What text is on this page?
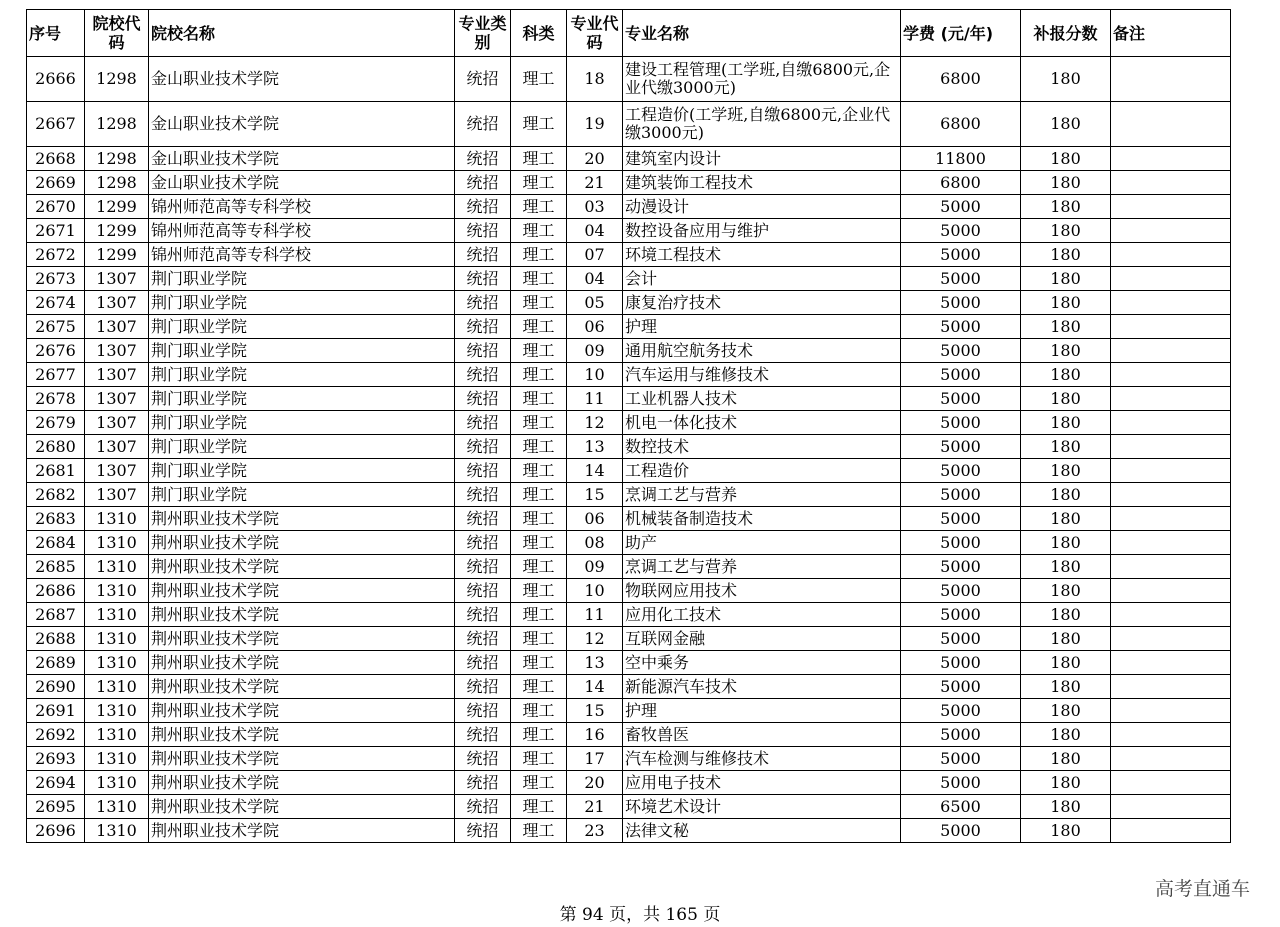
序号	院校代码	院校名称	专业类别	科类	专业代码	专业名称	学费 (元/年)	补报分数	备注
2666	1298	金山职业技术学院	统招	理工	18	建设工程管理(工学班,自缴6800元,企业代缴3000元)	6800	180	
2667	1298	金山职业技术学院	统招	理工	19	工程造价(工学班,自缴6800元,企业代缴3000元)	6800	180	
2668	1298	金山职业技术学院	统招	理工	20	建筑室内设计	11800	180	
2669	1298	金山职业技术学院	统招	理工	21	建筑装饰工程技术	6800	180	
2670	1299	锦州师范高等专科学校	统招	理工	03	动漫设计	5000	180	
2671	1299	锦州师范高等专科学校	统招	理工	04	数控设备应用与维护	5000	180	
2672	1299	锦州师范高等专科学校	统招	理工	07	环境工程技术	5000	180	
2673	1307	荆门职业学院	统招	理工	04	会计	5000	180	
2674	1307	荆门职业学院	统招	理工	05	康复治疗技术	5000	180	
2675	1307	荆门职业学院	统招	理工	06	护理	5000	180	
2676	1307	荆门职业学院	统招	理工	09	通用航空航务技术	5000	180	
2677	1307	荆门职业学院	统招	理工	10	汽车运用与维修技术	5000	180	
2678	1307	荆门职业学院	统招	理工	11	工业机器人技术	5000	180	
2679	1307	荆门职业学院	统招	理工	12	机电一体化技术	5000	180	
2680	1307	荆门职业学院	统招	理工	13	数控技术	5000	180	
2681	1307	荆门职业学院	统招	理工	14	工程造价	5000	180	
2682	1307	荆门职业学院	统招	理工	15	烹调工艺与营养	5000	180	
2683	1310	荆州职业技术学院	统招	理工	06	机械装备制造技术	5000	180	
2684	1310	荆州职业技术学院	统招	理工	08	助产	5000	180	
2685	1310	荆州职业技术学院	统招	理工	09	烹调工艺与营养	5000	180	
2686	1310	荆州职业技术学院	统招	理工	10	物联网应用技术	5000	180	
2687	1310	荆州职业技术学院	统招	理工	11	应用化工技术	5000	180	
2688	1310	荆州职业技术学院	统招	理工	12	互联网金融	5000	180	
2689	1310	荆州职业技术学院	统招	理工	13	空中乘务	5000	180	
2690	1310	荆州职业技术学院	统招	理工	14	新能源汽车技术	5000	180	
2691	1310	荆州职业技术学院	统招	理工	15	护理	5000	180	
2692	1310	荆州职业技术学院	统招	理工	16	畜牧兽医	5000	180	
2693	1310	荆州职业技术学院	统招	理工	17	汽车检测与维修技术	5000	180	
2694	1310	荆州职业技术学院	统招	理工	20	应用电子技术	5000	180	
2695	1310	荆州职业技术学院	统招	理工	21	环境艺术设计	6500	180	
2696	1310	荆州职业技术学院	统招	理工	23	法律文秘	5000	180	
第 94 页，共 165 页
高考直通车
